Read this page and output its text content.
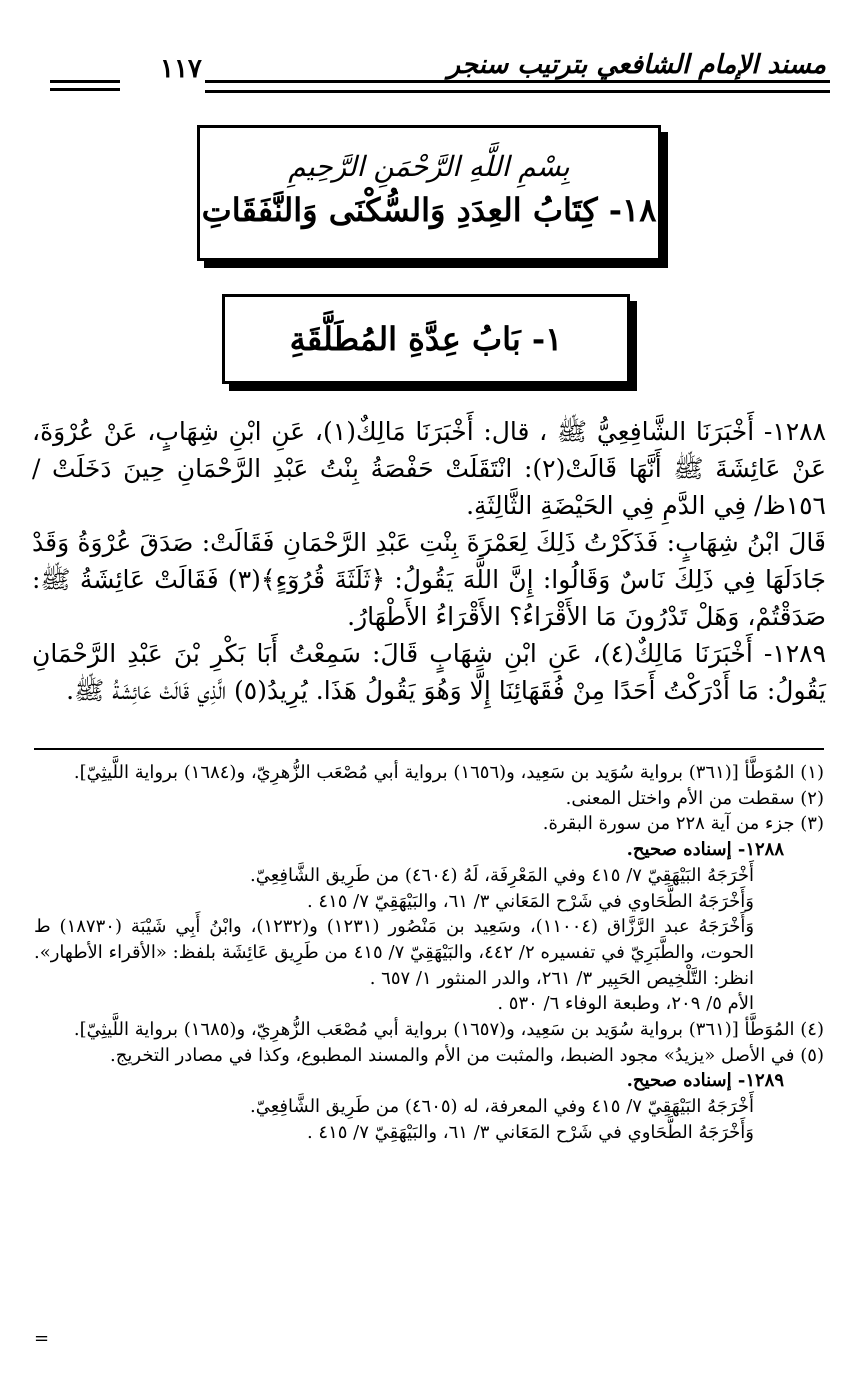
مسند الإمام الشافعي بترتيب سنجر
١١٧
بِسْمِ اللَّهِ الرَّحْمَنِ الرَّحِيمِ
١٨- كِتَابُ العِدَدِ وَالسُّكْنَى وَالنَّفَقَاتِ
١- بَابُ عِدَّةِ المُطَلَّقَةِ

١٢٨٨- أَخْبَرَنَا الشَّافِعِيُّ ﷺ ، قال: أَخْبَرَنَا مَالِكٌ(١)، عَنِ ابْنِ شِهَابٍ، عَنْ عُرْوَةَ، عَنْ عَائِشَةَ ﷺ أَنَّهَا قَالَتْ(٢): انْتَقَلَتْ حَفْصَةُ بِنْتُ عَبْدِ الرَّحْمَانِ حِينَ دَخَلَتْ / ١٥٦ظ/ فِي الدَّمِ فِي الحَيْضَةِ الثَّالِثَةِ.

قَالَ ابْنُ شِهَابٍ: فَذَكَرْتُ ذَلِكَ لِعَمْرَةَ بِنْتِ عَبْدِ الرَّحْمَانِ فَقَالَتْ: صَدَقَ عُرْوَةُ وَقَدْ جَادَلَهَا فِي ذَلِكَ نَاسٌ وَقَالُوا: إِنَّ اللَّهَ يَقُولُ: ﴿ثَلَثَةَ قُرُوٓءٍ﴾(٣) فَقَالَتْ عَائِشَةُ ﷺ: صَدَقْتُمْ، وَهَلْ تَدْرُونَ مَا الأَقْرَاءُ؟ الأَقْرَاءُ الأَطْهَارُ.

١٢٨٩- أَخْبَرَنَا مَالِكٌ(٤)، عَنِ ابْنِ شِهَابٍ قَالَ: سَمِعْتُ أَبَا بَكْرِ بْنَ عَبْدِ الرَّحْمَانِ يَقُولُ: مَا أَدْرَكْتُ أَحَدًا مِنْ فُقَهَائِنَا إِلَّا وَهُوَ يَقُولُ هَذَا. يُرِيدُ(٥) الَّذِي قَالَتْ عَائِشَةُ ﷺ.

(١) المُوَطَّأ [(٣٦١) برواية سُوَيد بن سَعِيد، و(١٦٥٦) برواية أبي مُصْعَب الزُّهرِيّ، و(١٦٨٤) برواية اللَّيثِيّ].

(٢) سقطت من الأم واختل المعنى.

(٣) جزء من آية ٢٢٨ من سورة البقرة.

١٢٨٨- إسناده صحيح.

أَخْرَجَهُ البَيْهَقِيّ ٧/ ٤١٥ وفي المَعْرِفَة، لَهُ (٤٦٠٤) من طَرِيق الشَّافِعِيّ.

وَأَخْرَجَهُ الطَّحَاوي في شَرْح المَعَاني ٣/ ٦١، والبَيْهَقِيّ ٧/ ٤١٥ .

وَأَخْرَجَهُ عبد الرَّزَّاق (١١٠٠٤)، وسَعِيد بن مَنْصُور (١٢٣١) و(١٢٣٢)، وابْنُ أَبِي شَيْبَة (١٨٧٣٠) ط الحوت، والطَّبَرِيّ في تفسيره ٢/ ٤٤٢، والبَيْهَقِيّ ٧/ ٤١٥ من طَرِيق عَائِشَة بلفظ: «الأقراء الأطهار». انظر: التَّلْخِيص الحَبِير ٣/ ٢٦١، والدر المنثور ١/ ٦٥٧ .

الأم ٥/ ٢٠٩، وطبعة الوفاء ٦/ ٥٣٠ .

(٤) المُوَطَّأ [(٣٦١) برواية سُوَيد بن سَعِيد، و(١٦٥٧) برواية أبي مُصْعَب الزُّهرِيّ، و(١٦٨٥) برواية اللَّيثِيّ].

(٥) في الأصل «يزيدُ» مجود الضبط، والمثبت من الأم والمسند المطبوع، وكذا في مصادر التخريج.

١٢٨٩- إسناده صحيح.

أَخْرَجَهُ البَيْهَقِيّ ٧/ ٤١٥ وفي المعرفة، له (٤٦٠٥) من طَرِيق الشَّافِعِيّ.

وَأَخْرَجَهُ الطَّحَاوي في شَرْح المَعَاني ٣/ ٦١، والبَيْهَقِيّ ٧/ ٤١٥ .

=
